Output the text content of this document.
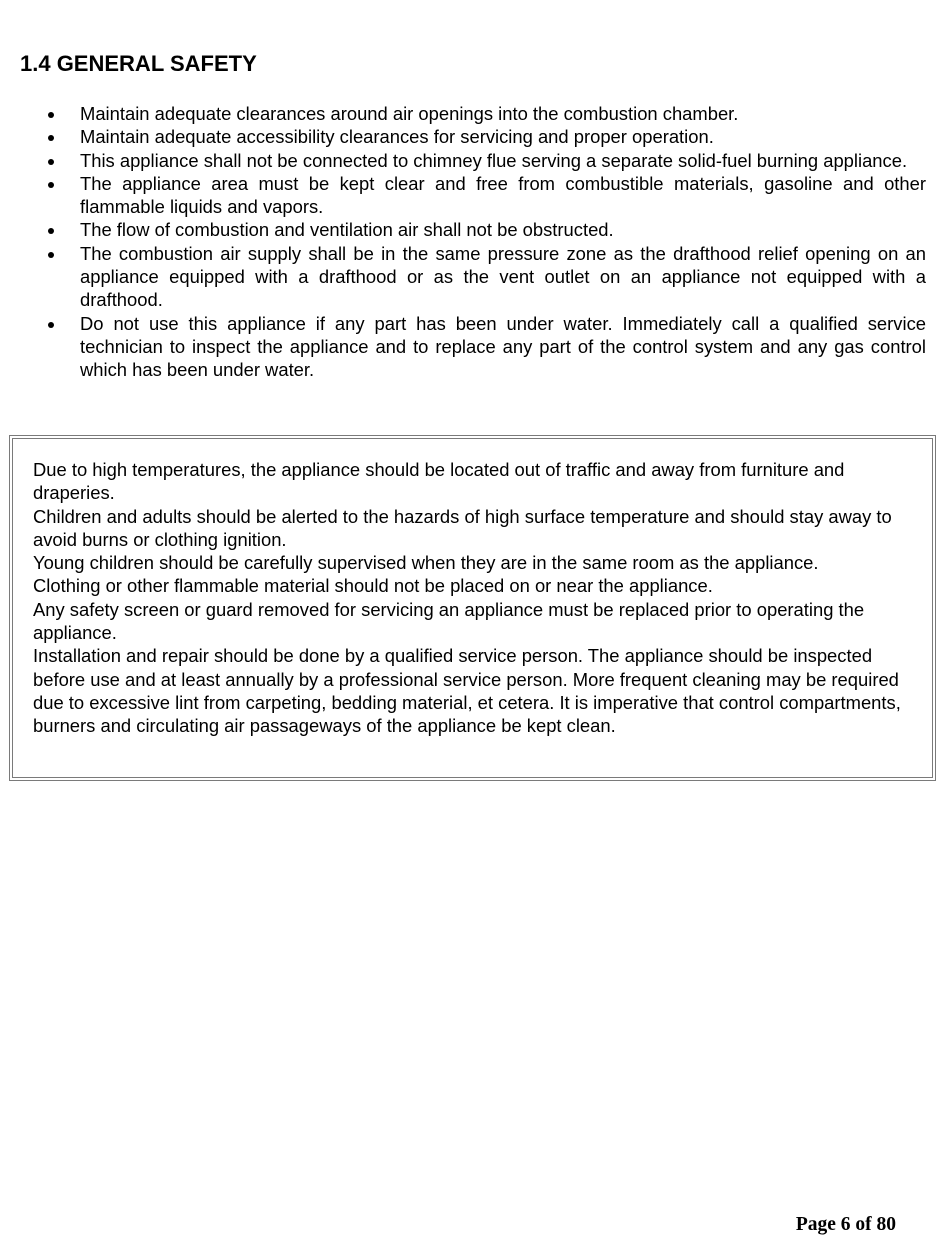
1.4 GENERAL SAFETY
Maintain adequate clearances around air openings into the combustion chamber.
Maintain adequate accessibility clearances for servicing and proper operation.
This appliance shall not be connected to chimney flue serving a separate solid-fuel burning appliance.
The appliance area must be kept clear and free from combustible materials, gasoline and other flammable liquids and vapors.
The flow of combustion and ventilation air shall not be obstructed.
The combustion air supply shall be in the same pressure zone as the drafthood relief opening on an appliance equipped with a drafthood or as the vent outlet on an appliance not equipped with a drafthood.
Do not use this appliance if any part has been under water. Immediately call a qualified service technician to inspect the appliance and to replace any part of the control system and any gas control which has been under water.

Due to high temperatures, the appliance should be located out of traffic and away from furniture and draperies.

Children and adults should be alerted to the hazards of high surface temperature and should stay away to avoid burns or clothing ignition.

Young children should be carefully supervised when they are in the same room as the appliance.

Clothing or other flammable material should not be placed on or near the appliance.

Any safety screen or guard removed for servicing an appliance must be replaced prior to operating the appliance.

Installation and repair should be done by a qualified service person. The appliance should be inspected before use and at least annually by a professional service person. More frequent cleaning may be required due to excessive lint from carpeting, bedding material, et cetera. It is imperative that control compartments, burners and circulating air passageways of the appliance be kept clean.

Page 6 of 80
